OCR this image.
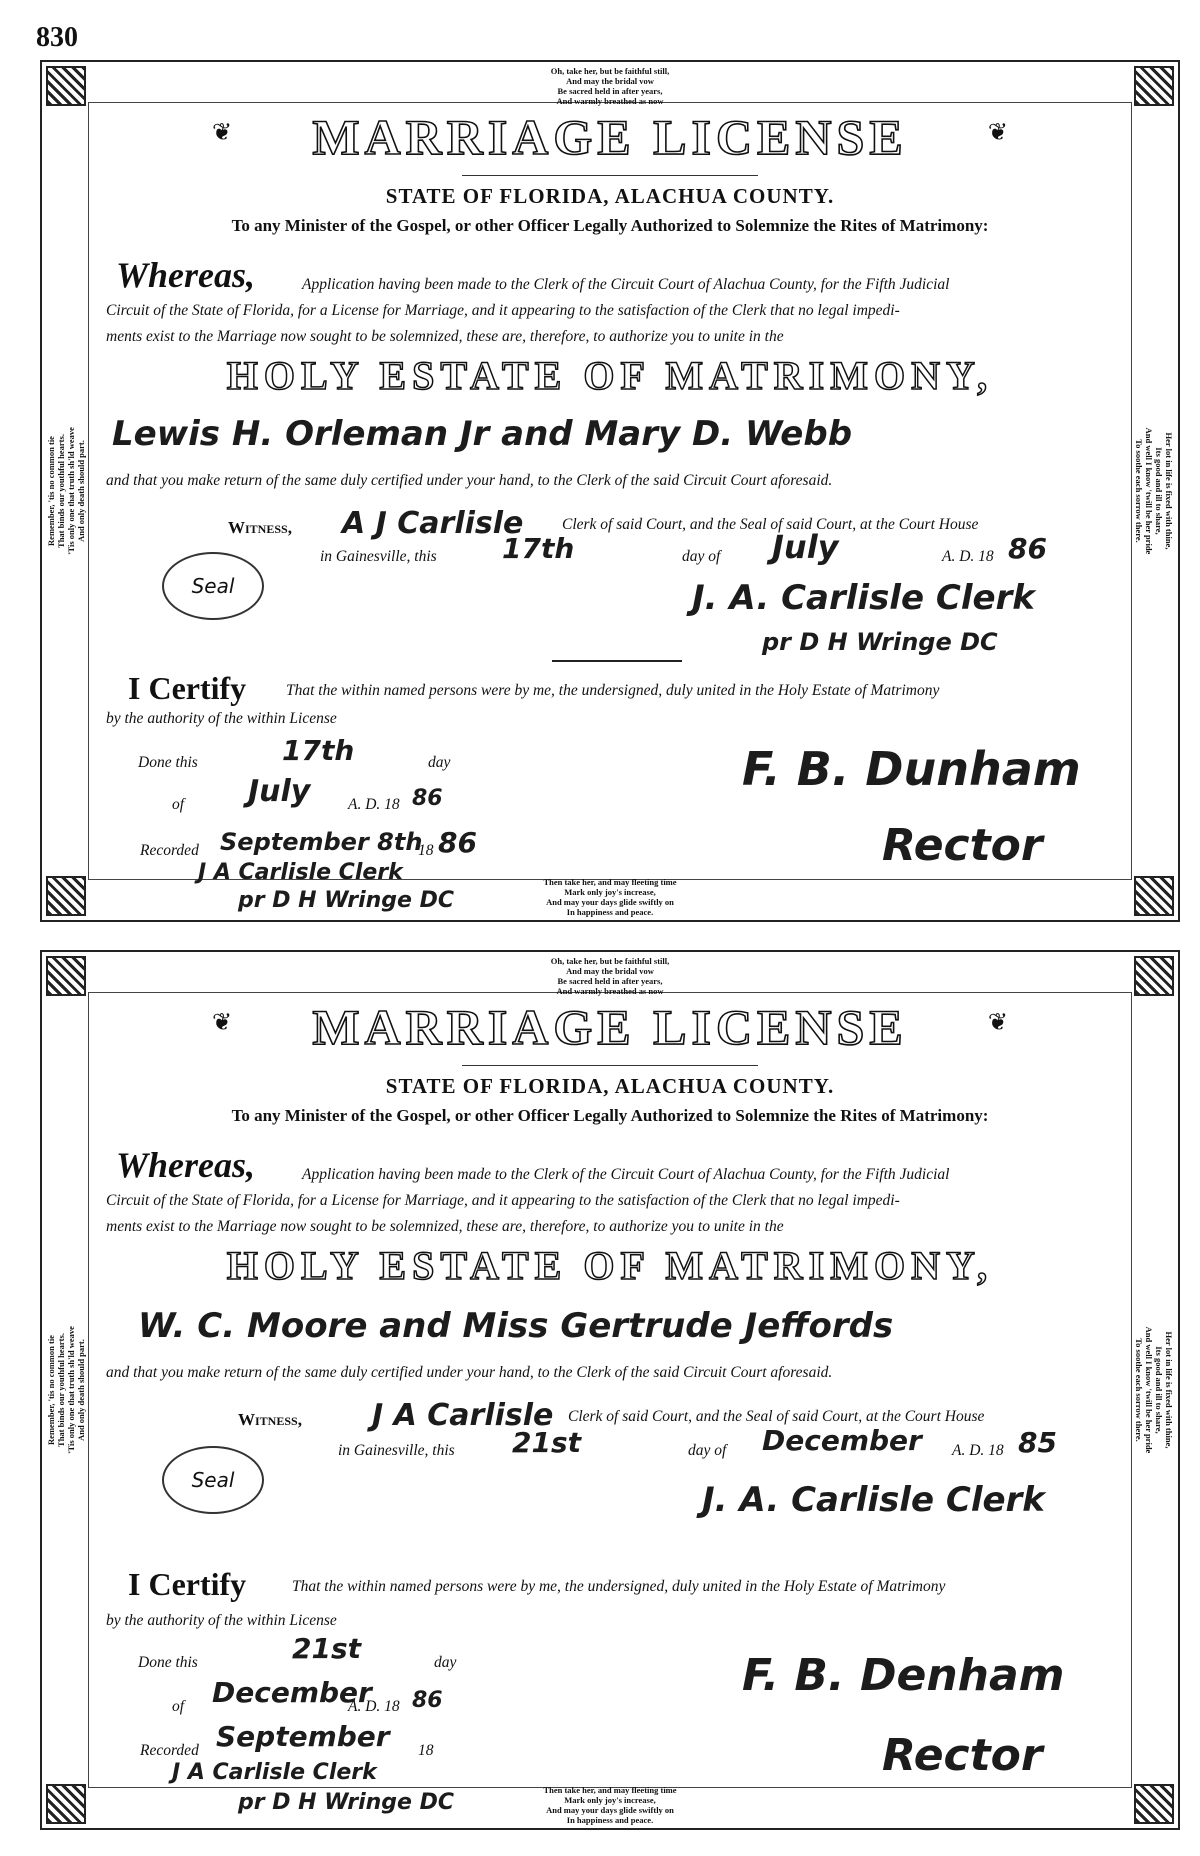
830
Oh, take her, but be faithful still,
And may the bridal vow
Be sacred held in after years,
And warmly breathed as now
Remember, 'tis no common tie That binds our youthful hearts. 'Tis only one that truth sh'ld weave And only death should part.	Her lot in life is fixed with thine,
Its good and ill to share,
And well I know 'twill be her pride
To soothe each sorrow there.
Then take her, and may fleeting time
Mark only joy's increase,
And may your days glide swiftly on
In happiness and peace.
❦	MARRIAGE LICENSE	❦
STATE OF FLORIDA, ALACHUA COUNTY.
To any Minister of the Gospel, or other Officer Legally Authorized to Solemnize the Rites of Matrimony:
Whereas,	Application having been made to the Clerk of the Circuit Court of Alachua County, for the Fifth Judicial
Circuit of the State of Florida, for a License for Marriage, and it appearing to the satisfaction of the Clerk that no legal impedi-
ments exist to the Marriage now sought to be solemnized, these are, therefore, to authorize you to unite in the
HOLY ESTATE OF MATRIMONY,
Lewis H. Orleman Jr and Mary D. Webb
and that you make return of the same duly certified under your hand, to the Clerk of the said Circuit Court aforesaid.
Witness, A J Carlisle Clerk of said Court, and the Seal of said Court, at the Court House
Seal
in Gainesville, this 17th	day of July	A. D. 18 86
J. A. Carlisle Clerk
pr D H Wringe DC
I Certify	That the within named persons were by me, the undersigned, duly united in the Holy Estate of Matrimony
by the authority of the within License
Done this	17th	day
of July A. D. 18 86
Recorded September 8th
18 86
J A Carlisle Clerk
pr D H Wringe DC
F. B. Dunham
Rector
Oh, take her, but be faithful still,
And may the bridal vow
Be sacred held in after years,
And warmly breathed as now
Remember, 'tis no common tie That binds our youthful hearts. 'Tis only one that truth sh'ld weave And only death should part.	Her lot in life is fixed with thine,
Its good and ill to share,
And well I know 'twill be her pride
To soothe each sorrow there.
Then take her, and may fleeting time
Mark only joy's increase,
And may your days glide swiftly on
In happiness and peace.
❦	MARRIAGE LICENSE	❦
STATE OF FLORIDA, ALACHUA COUNTY.
To any Minister of the Gospel, or other Officer Legally Authorized to Solemnize the Rites of Matrimony:
Whereas,	Application having been made to the Clerk of the Circuit Court of Alachua County, for the Fifth Judicial
Circuit of the State of Florida, for a License for Marriage, and it appearing to the satisfaction of the Clerk that no legal impedi-
ments exist to the Marriage now sought to be solemnized, these are, therefore, to authorize you to unite in the
HOLY ESTATE OF MATRIMONY,
W. C. Moore and Miss Gertrude Jeffords
and that you make return of the same duly certified under your hand, to the Clerk of the said Circuit Court aforesaid.
Witness, J A Carlisle Clerk of said Court, and the Seal of said Court, at the Court House
Seal
in Gainesville, this 21st	day of December A. D. 18 85
J. A. Carlisle Clerk
I Certify	That the within named persons were by me, the undersigned, duly united in the Holy Estate of Matrimony
by the authority of the within License
Done this	21st	day
of December
A. D. 18 86
Recorded September 18
J A Carlisle Clerk
pr D H Wringe DC
F. B. Denham
Rector
